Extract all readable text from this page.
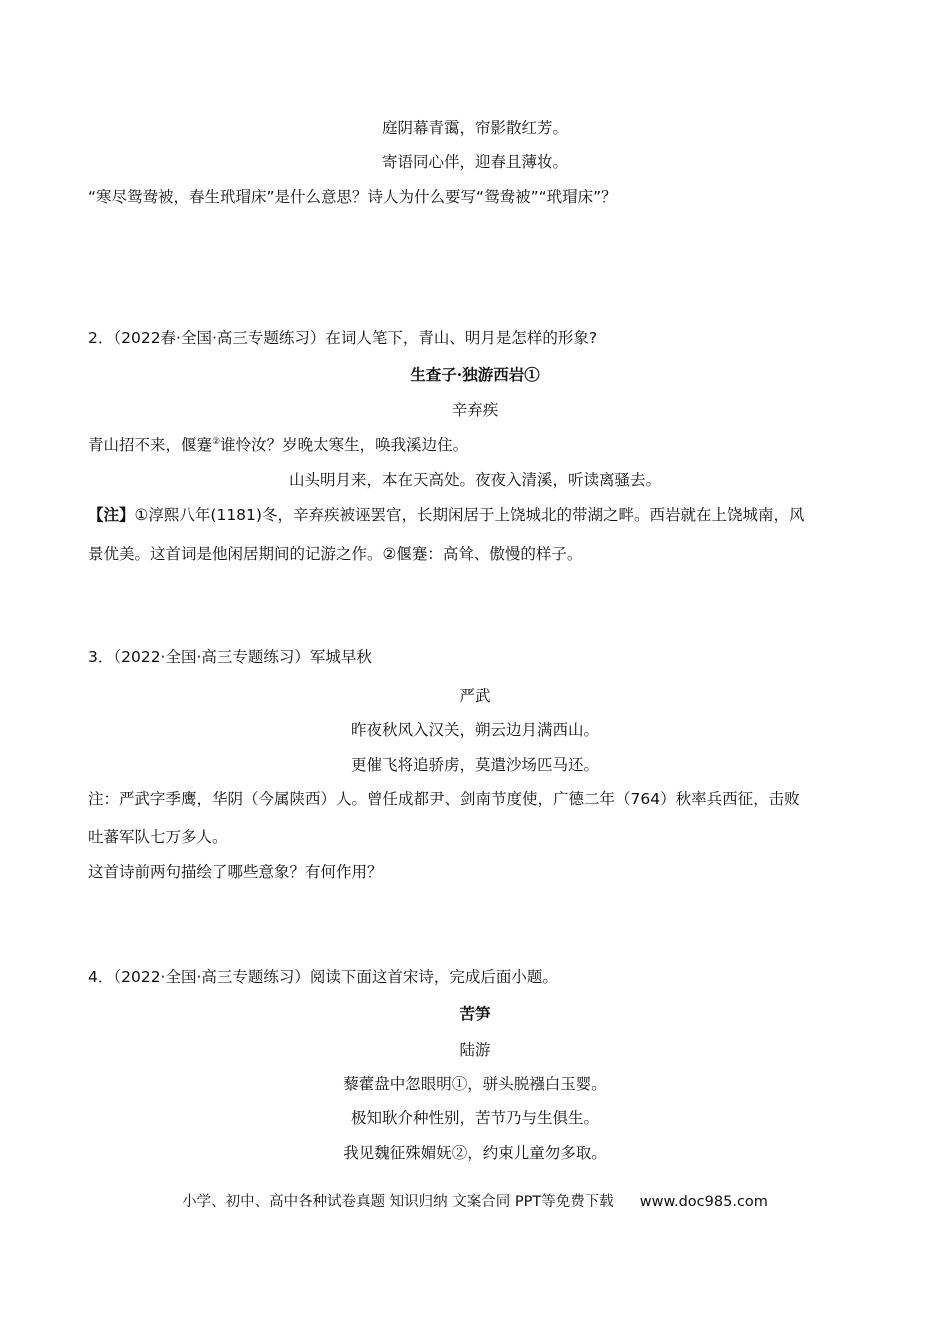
庭阴幕青霭，帘影散红芳。
寄语同心伴，迎春且薄妆。
“寒尽鸳鸯被，春生玳瑁床”是什么意思？诗人为什么要写“鸳鸯被”“玳瑁床”？
2．（2022春·全国·高三专题练习）在词人笔下，青山、明月是怎样的形象?
生查子·独游西岩①
辛弃疾
青山招不来，偃蹇②谁怜汝？岁晚太寒生，唤我溪边住。
山头明月来，本在天高处。夜夜入清溪，听读离骚去。
【注】①淳熙八年(1181)冬，辛弃疾被诬罢官，长期闲居于上饶城北的带湖之畔。西岩就在上饶城南，风
景优美。这首词是他闲居期间的记游之作。②偃蹇：高耸、傲慢的样子。
3．（2022·全国·高三专题练习）军城早秋
严武
昨夜秋风入汉关，朔云边月满西山。
更催飞将追骄虏，莫遣沙场匹马还。
注：严武字季鹰，华阴（今属陕西）人。曾任成都尹、剑南节度使，广德二年（764）秋率兵西征，击败
吐蕃军队七万多人。
这首诗前两句描绘了哪些意象？有何作用？
4．（2022·全国·高三专题练习）阅读下面这首宋诗，完成后面小题。
苦笋
陆游
藜藿盘中忽眼明①，骈头脱襁白玉婴。
极知耿介种性别，苦节乃与生俱生。
我见魏征殊媚妩②，约束儿童勿多取。
小学、初中、高中各种试卷真题 知识归纳 文案合同 PPT等免费下载 www.doc985.com
